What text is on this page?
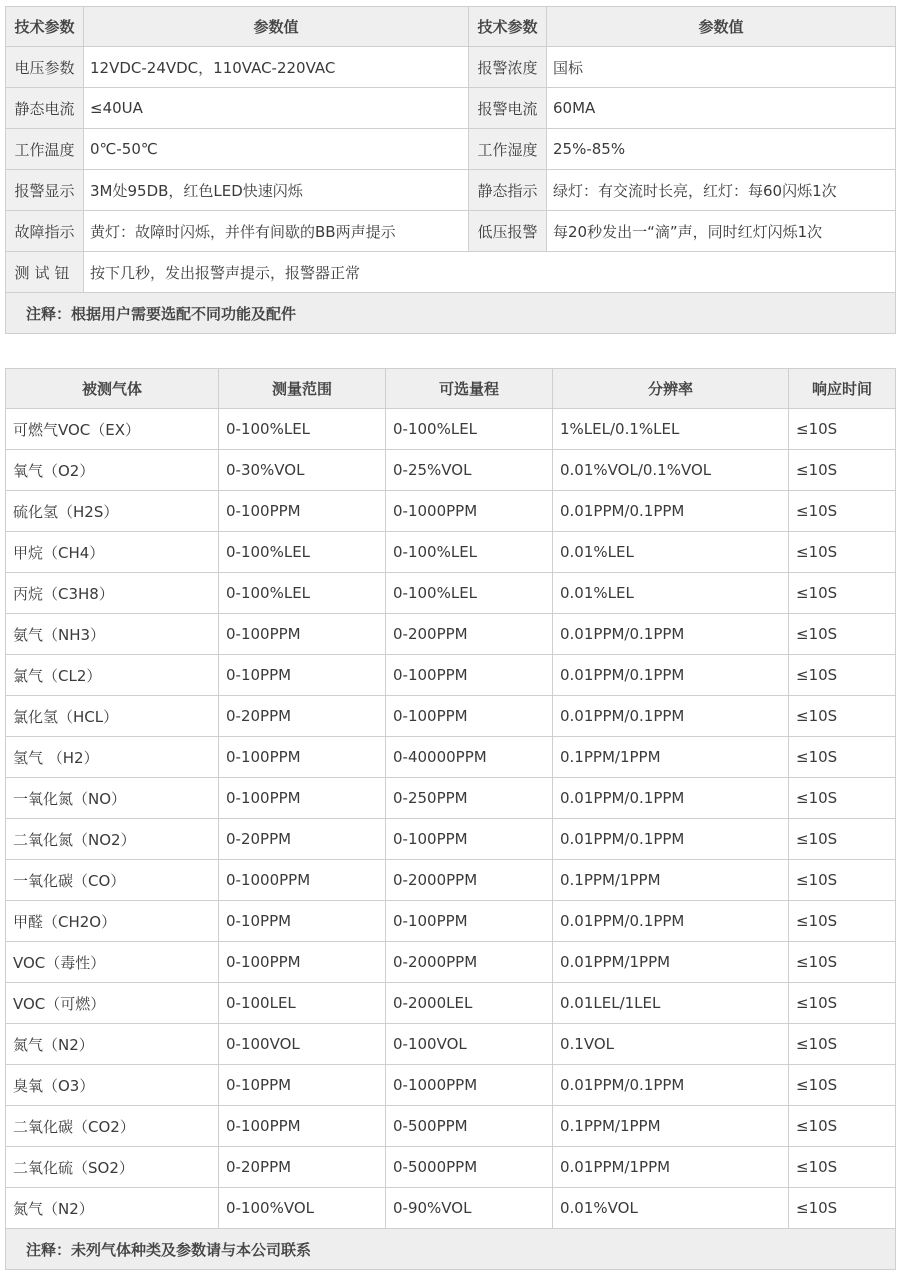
技术参数	参数值	技术参数	参数值
电压参数	12VDC-24VDC，110VAC-220VAC	报警浓度	国标
静态电流	≤40UA	报警电流	60MA
工作温度	0℃-50℃	工作湿度	25%-85%
报警显示	3M处95DB，红色LED快速闪烁	静态指示	绿灯：有交流时长亮，红灯：每60闪烁1次
故障指示	黄灯：故障时闪烁，并伴有间歇的BB两声提示	低压报警	每20秒发出一“滴”声，同时红灯闪烁1次
测试钮	按下几秒，发出报警声提示，报警器正常		
注释：根据用户需要选配不同功能及配件			
被测气体	测量范围	可选量程	分辨率	响应时间
可燃气VOC（EX）	0-100%LEL	0-100%LEL	1%LEL/0.1%LEL	≤10S
氧气（O2）	0-30%VOL	0-25%VOL	0.01%VOL/0.1%VOL	≤10S
硫化氢（H2S）	0-100PPM	0-1000PPM	0.01PPM/0.1PPM	≤10S
甲烷（CH4）	0-100%LEL	0-100%LEL	0.01%LEL	≤10S
丙烷（C3H8）	0-100%LEL	0-100%LEL	0.01%LEL	≤10S
氨气（NH3）	0-100PPM	0-200PPM	0.01PPM/0.1PPM	≤10S
氯气（CL2）	0-10PPM	0-100PPM	0.01PPM/0.1PPM	≤10S
氯化氢（HCL）	0-20PPM	0-100PPM	0.01PPM/0.1PPM	≤10S
氢气 （H2）	0-100PPM	0-40000PPM	0.1PPM/1PPM	≤10S
一氧化氮（NO）	0-100PPM	0-250PPM	0.01PPM/0.1PPM	≤10S
二氧化氮（NO2）	0-20PPM	0-100PPM	0.01PPM/0.1PPM	≤10S
一氧化碳（CO）	0-1000PPM	0-2000PPM	0.1PPM/1PPM	≤10S
甲醛（CH2O）	0-10PPM	0-100PPM	0.01PPM/0.1PPM	≤10S
VOC（毒性）	0-100PPM	0-2000PPM	0.01PPM/1PPM	≤10S
VOC（可燃）	0-100LEL	0-2000LEL	0.01LEL/1LEL	≤10S
氮气（N2）	0-100VOL	0-100VOL	0.1VOL	≤10S
臭氧（O3）	0-10PPM	0-1000PPM	0.01PPM/0.1PPM	≤10S
二氧化碳（CO2）	0-100PPM	0-500PPM	0.1PPM/1PPM	≤10S
二氧化硫（SO2）	0-20PPM	0-5000PPM	0.01PPM/1PPM	≤10S
氮气（N2）	0-100%VOL	0-90%VOL	0.01%VOL	≤10S
注释：未列气体种类及参数请与本公司联系				
